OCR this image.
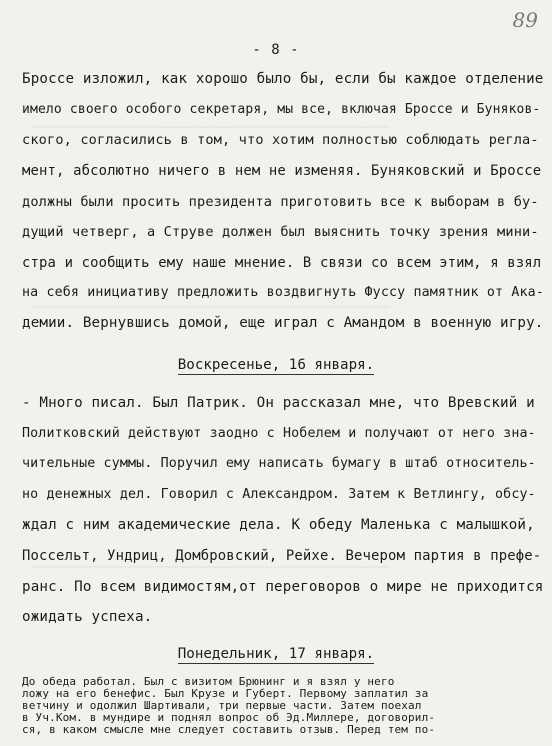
89
- 8 -
~~~~~~~~~~~~~~~~~~~~~~~~~~~~~~~~~~~~~~~~~~~~~~
~~~~~~~~~~~~~~~~~~~~~~~~~~~~~~~~~~~~~~~~~~~~~~
~~~~~~~~~~~~~~~~~~~~~~~~~~~~~~~~~~~~~~~~~~~~~~
Броссе изложил, как хорошо было бы, если бы каждое отделение
имело своего особого секретаря, мы все, включая Броссе и Буняков-
ского, согласились в том, что хотим полностью соблюдать регла-
мент, абсолютно ничего в нем не изменяя. Буняковский и Броссе
должны были просить президента приготовить все к выборам в бу-
дущий четверг, а Струве должен был выяснить точку зрения мини-
стра и сообщить ему наше мнение. В связи со всем этим, я взял
на себя инициативу предложить воздвигнуть Фуссу памятник от Ака-
демии. Вернувшись домой, еще играл с Амандом в военную игру.
Воскресенье, 16 января.
- Много писал. Был Патрик. Он рассказал мне, что Вревский и
Политковский действуют заодно с Нобелем и получают от него зна-
чительные суммы. Поручил ему написать бумагу в штаб относитель-
но денежных дел. Говорил с Александром. Затем к Ветлингу, обсу-
ждал с ним академические дела. К обеду Маленька с малышкой,
Поссельт, Ундриц, Домбровский, Рейхе. Вечером партия в префе-
ранс. По всем видимостям,от переговоров о мире не приходится
ожидать успеха.
Понедельник, 17 января.
До обеда работал. Был с визитом Брюнинг и я взял у него
ложу на его бенефис. Был Крузе и Губерт. Первому заплатил за
ветчину и одолжил Шартивали, три первые части. Затем поехал
в Уч.Ком. в мундире и поднял вопрос об Эд.Миллере, договорил-
ся, в каком смысле мне следует составить отзыв. Перед тем по-
